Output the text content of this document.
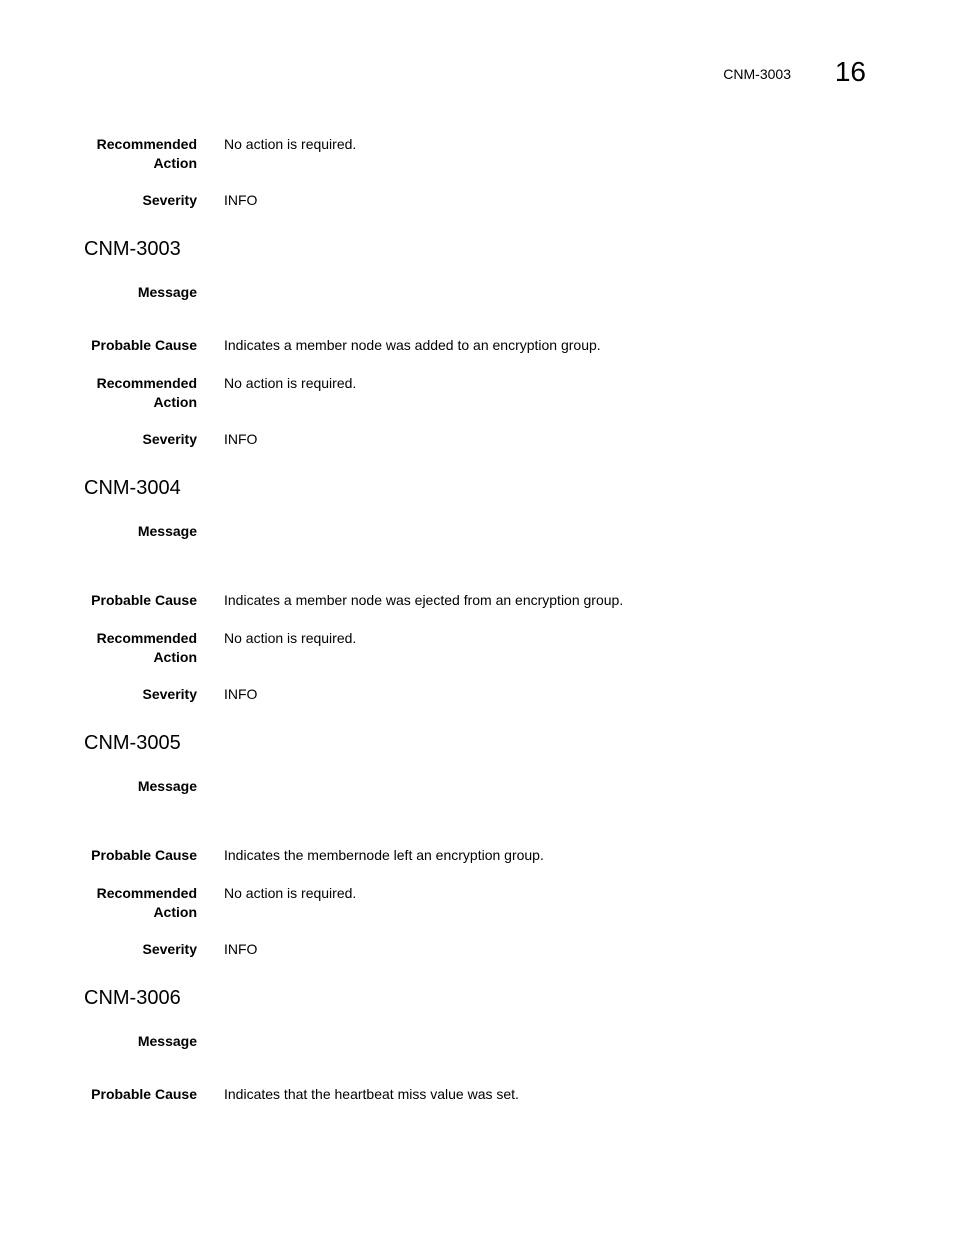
CNM-3003 16
Recommended Action
No action is required.
Severity INFO
CNM-3003
Message
Probable Cause Indicates a member node was added to an encryption group.
Recommended Action
No action is required.
Severity INFO
CNM-3004
Message
Probable Cause Indicates a member node was ejected from an encryption group.
Recommended Action
No action is required.
Severity INFO
CNM-3005
Message
Probable Cause Indicates the membernode left an encryption group.
Recommended Action
No action is required.
Severity INFO
CNM-3006
Message
Probable Cause Indicates that the heartbeat miss value was set.
